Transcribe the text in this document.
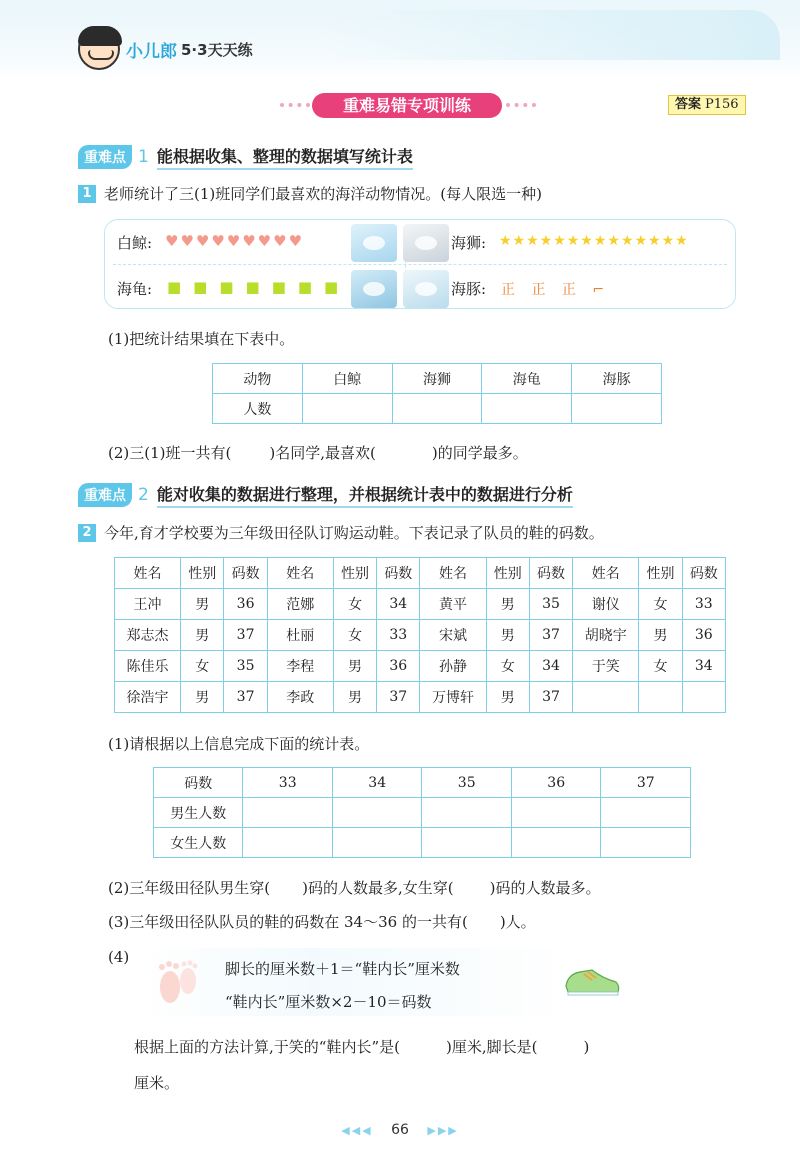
小儿郎 5·3天天练
重难易错专项训练	答案 P156
重难点 1 能根据收集、整理的数据填写统计表
1 老师统计了三(1)班同学们最喜欢的海洋动物情况。(每人限选一种)
白鲸: ♥♥♥♥♥♥♥♥♥	海狮: ★★★★★★★★★★★★★★
海龟: ■■■■■■■	海豚: 正 正 正 ⌐
(1)把统计结果填在下表中。
动物	白鲸	海狮	海龟	海豚
人数				
(2)三(1)班一共有(	)名同学,最喜欢(	)的同学最多。
重难点 2 能对收集的数据进行整理，并根据统计表中的数据进行分析
2 今年,育才学校要为三年级田径队订购运动鞋。下表记录了队员的鞋的码数。
姓名	性别	码数	姓名	性别	码数	姓名	性别	码数	姓名	性别	码数
王冲	男	36	范娜	女	34	黄平	男	35	谢仪	女	33
郑志杰	男	37	杜丽	女	33	宋斌	男	37	胡晓宇	男	36
陈佳乐	女	35	李程	男	36	孙静	女	34	于笑	女	34
徐浩宇	男	37	李政	男	37	万博轩	男	37			
(1)请根据以上信息完成下面的统计表。
码数	33	34	35	36	37
男生人数					
女生人数					
(2)三年级田径队男生穿( )码的人数最多,女生穿( )码的人数最多。
(3)三年级田径队队员的鞋的码数在 34～36 的一共有( )人。
(4)
脚长的厘米数＋1＝“鞋内长”厘米数
“鞋内长”厘米数×2－10＝码数
根据上面的方法计算,于笑的“鞋内长”是(	)厘米,脚长是(	)
厘米。
◀◀◀ 66 ▶▶▶
